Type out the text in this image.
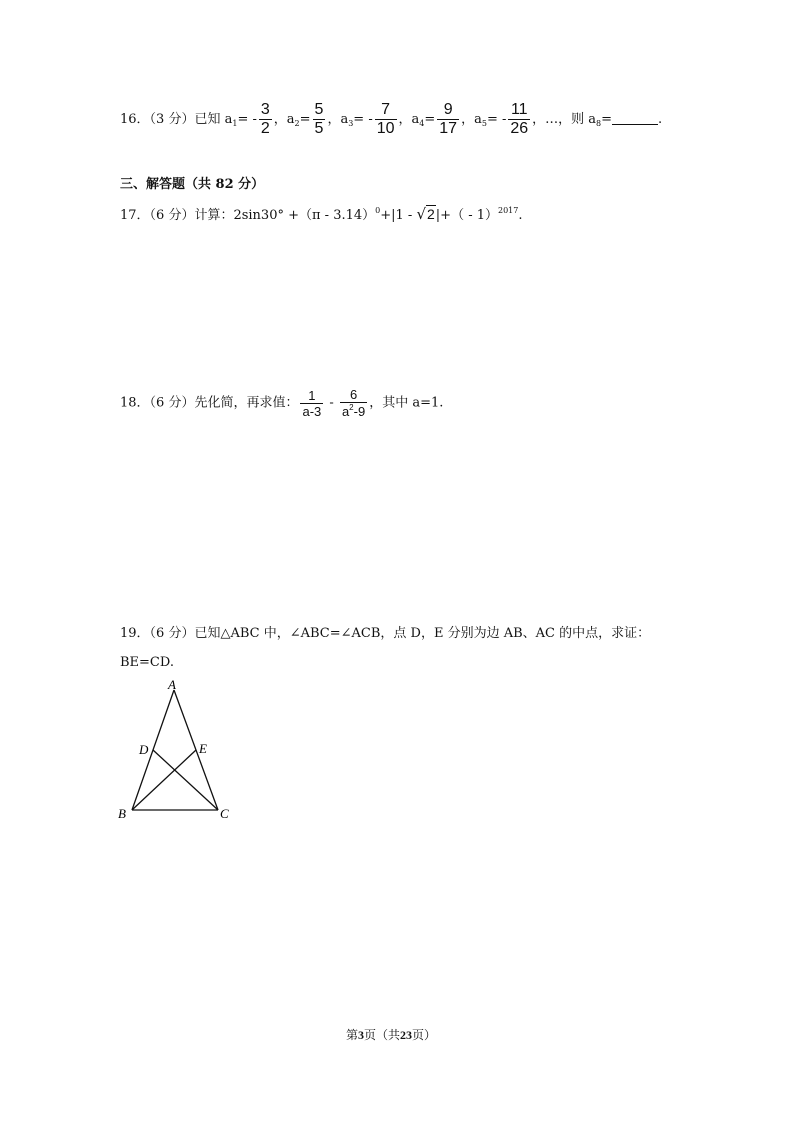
16．（3 分）已知 $a_1= - \frac{3}{2}$ ，$a_2= \frac{5}{5}$ ，$a_3= - \frac{7}{10}$ ，$a_4= \frac{9}{17}$ ，$a_5= - \frac{11}{26}$ ，…，则 $a_8=$	.
三、解答题（共 82 分）
17．（6 分）计算：2sin30° +（π - 3.14）$^0$+|1 - √2|+（ - 1）$^{2017}$.
18．（6 分）先化简，再求值： $\frac{1}{a-3} - \frac{6}{a^2-9}$ ，其中 a=1.
19．（6 分）已知△ABC 中，∠ABC=∠ACB，点 D，E 分别为边 AB、AC 的中点，求证：
BE=CD.
A
D	E
B	C
第3页（共23页）
